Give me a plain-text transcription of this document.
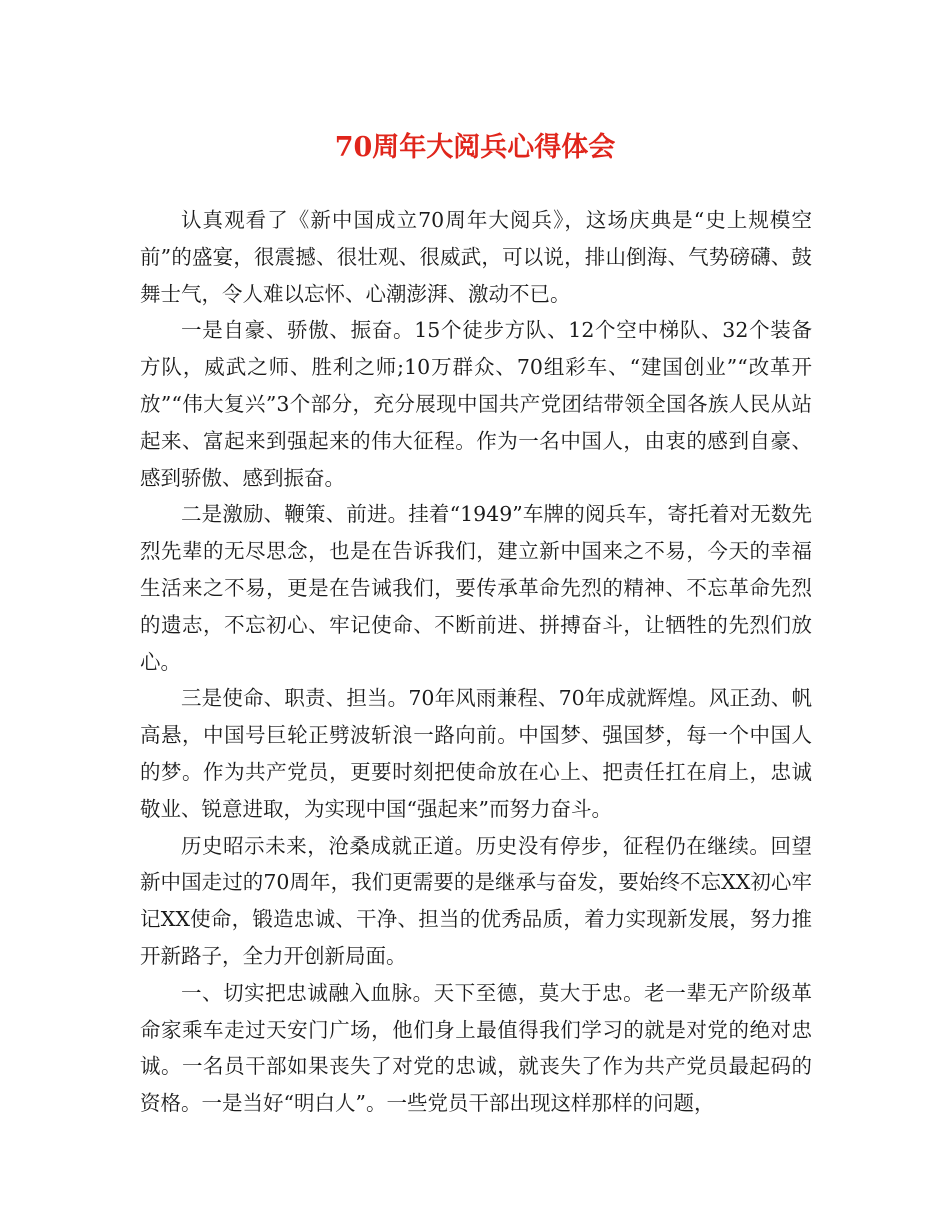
70周年大阅兵心得体会

认真观看了《新中国成立70周年大阅兵》，这场庆典是“史上规模空前”的盛宴，很震撼、很壮观、很威武，可以说，排山倒海、气势磅礴、鼓舞士气，令人难以忘怀、心潮澎湃、激动不已。

一是自豪、骄傲、振奋。15个徒步方队、12个空中梯队、32个装备方队，威武之师、胜利之师;10万群众、70组彩车、“建国创业”“改革开放”“伟大复兴”3个部分，充分展现中国共产党团结带领全国各族人民从站起来、富起来到强起来的伟大征程。作为一名中国人，由衷的感到自豪、感到骄傲、感到振奋。

二是激励、鞭策、前进。挂着“1949”车牌的阅兵车，寄托着对无数先烈先辈的无尽思念，也是在告诉我们，建立新中国来之不易，今天的幸福生活来之不易，更是在告诫我们，要传承革命先烈的精神、不忘革命先烈的遗志，不忘初心、牢记使命、不断前进、拼搏奋斗，让牺牲的先烈们放心。

三是使命、职责、担当。70年风雨兼程、70年成就辉煌。风正劲、帆高悬，中国号巨轮正劈波斩浪一路向前。中国梦、强国梦，每一个中国人的梦。作为共产党员，更要时刻把使命放在心上、把责任扛在肩上，忠诚敬业、锐意进取，为实现中国“强起来”而努力奋斗。

历史昭示未来，沧桑成就正道。历史没有停步，征程仍在继续。回望新中国走过的70周年，我们更需要的是继承与奋发，要始终不忘XX初心牢记XX使命，锻造忠诚、干净、担当的优秀品质，着力实现新发展，努力推开新路子，全力开创新局面。

一、切实把忠诚融入血脉。天下至德，莫大于忠。老一辈无产阶级革命家乘车走过天安门广场，他们身上最值得我们学习的就是对党的绝对忠诚。一名员干部如果丧失了对党的忠诚，就丧失了作为共产党员最起码的资格。一是当好“明白人”。一些党员干部出现这样那样的问题，
